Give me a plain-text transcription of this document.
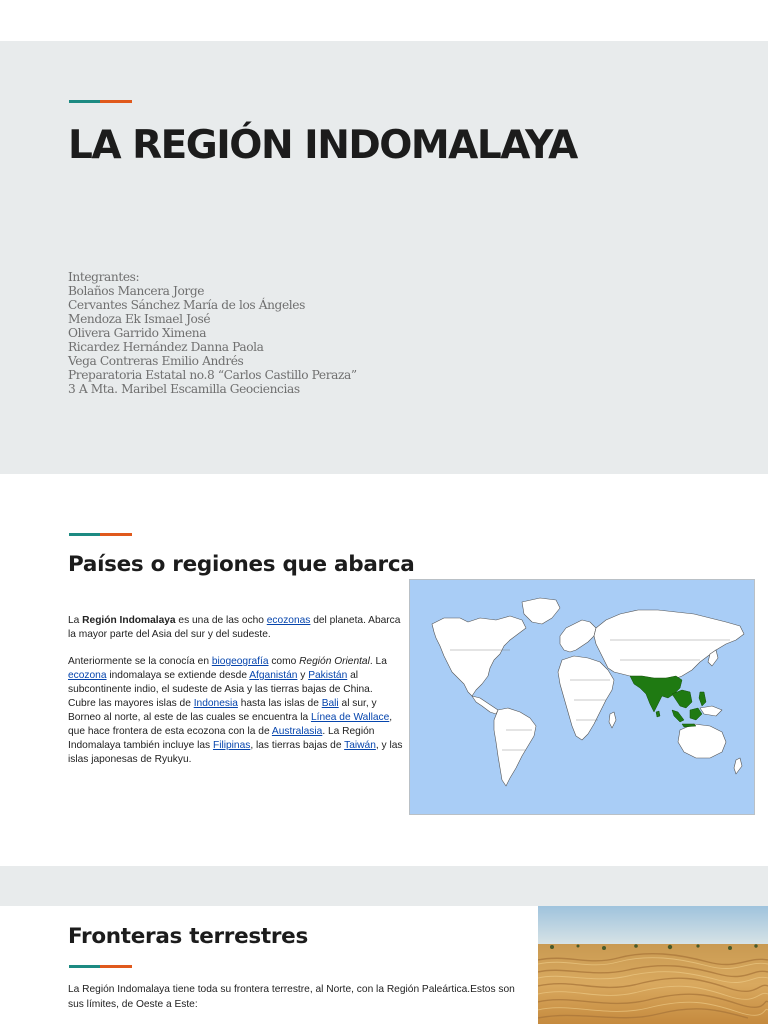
LA REGIÓN INDOMALAYA
Integrantes:
Bolaños Mancera Jorge
Cervantes Sánchez María de los Ángeles
Mendoza Ek Ismael José
Olivera Garrido Ximena
Ricardez Hernández Danna Paola
Vega Contreras Emilio Andrés
Preparatoria Estatal no.8 “Carlos Castillo Peraza”
3 A Mta. Maribel Escamilla Geociencias
Países o regiones que abarca

La Región Indomalaya es una de las ocho ecozonas del planeta. Abarca la mayor parte del Asia del sur y del sudeste.

Anteriormente se la conocía en biogeografía como Región Oriental. La ecozona indomalaya se extiende desde Afganistán y Pakistán al subcontinente indio, el sudeste de Asia y las tierras bajas de China. Cubre las mayores islas de Indonesia hasta las islas de Bali al sur, y Borneo al norte, al este de las cuales se encuentra la Línea de Wallace, que hace frontera de esta ecozona con la de Australasia. La Región Indomalaya también incluye las Filipinas, las tierras bajas de Taiwán, y las islas japonesas de Ryukyu.

Fronteras terrestres
La Región Indomalaya tiene toda su frontera terrestre, al Norte, con la Región Paleártica.Estos son sus límites, de Oeste a Este:
